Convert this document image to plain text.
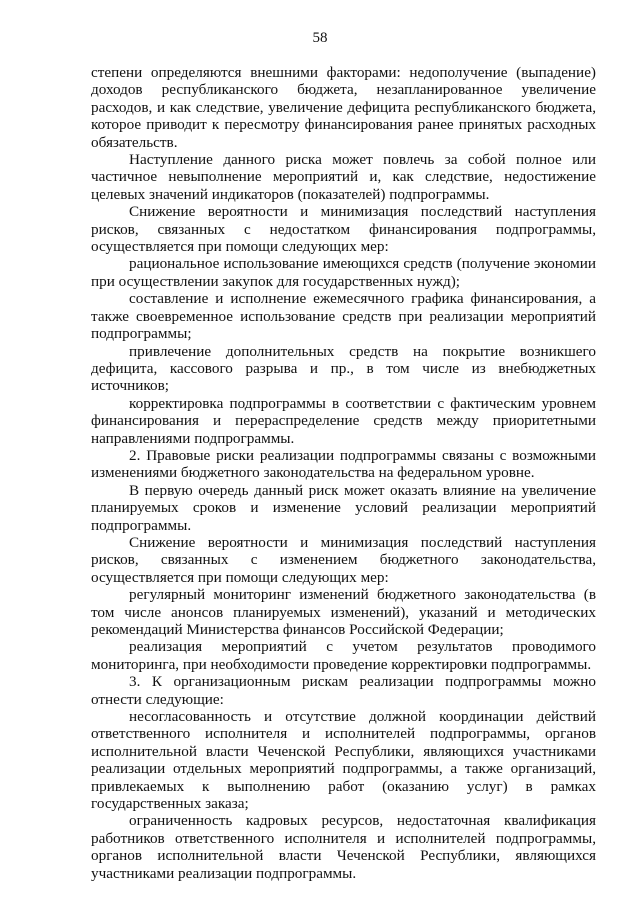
58

степени определяются внешними факторами: недополучение (выпадение) доходов республиканского бюджета, незапланированное увеличение расходов, и как следствие, увеличение дефицита республиканского бюджета, которое приводит к пересмотру финансирования ранее принятых расходных обязательств.

Наступление данного риска может повлечь за собой полное или частичное невыполнение мероприятий и, как следствие, недостижение целевых значений индикаторов (показателей) подпрограммы.

Снижение вероятности и минимизация последствий наступления рисков, связанных с недостатком финансирования подпрограммы, осуществляется при помощи следующих мер:

рациональное использование имеющихся средств (получение экономии при осуществлении закупок для государственных нужд);

составление и исполнение ежемесячного графика финансирования, а также своевременное использование средств при реализации мероприятий подпрограммы;

привлечение дополнительных средств на покрытие возникшего дефицита, кассового разрыва и пр., в том числе из внебюджетных источников;

корректировка подпрограммы в соответствии с фактическим уровнем финансирования и перераспределение средств между приоритетными направлениями подпрограммы.

2. Правовые риски реализации подпрограммы связаны с возможными изменениями бюджетного законодательства на федеральном уровне.

В первую очередь данный риск может оказать влияние на увеличение планируемых сроков и изменение условий реализации мероприятий подпрограммы.

Снижение вероятности и минимизация последствий наступления рисков, связанных с изменением бюджетного законодательства, осуществляется при помощи следующих мер:

регулярный мониторинг изменений бюджетного законодательства (в том числе анонсов планируемых изменений), указаний и методических рекомендаций Министерства финансов Российской Федерации;

реализация мероприятий с учетом результатов проводимого мониторинга, при необходимости проведение корректировки подпрограммы.

3. К организационным рискам реализации подпрограммы можно отнести следующие:

несогласованность и отсутствие должной координации действий ответственного исполнителя и исполнителей подпрограммы, органов исполнительной власти Чеченской Республики, являющихся участниками реализации отдельных мероприятий подпрограммы, а также организаций, привлекаемых к выполнению работ (оказанию услуг) в рамках государственных заказа;

ограниченность кадровых ресурсов, недостаточная квалификация работников ответственного исполнителя и исполнителей подпрограммы, органов исполнительной власти Чеченской Республики, являющихся участниками реализации подпрограммы.
